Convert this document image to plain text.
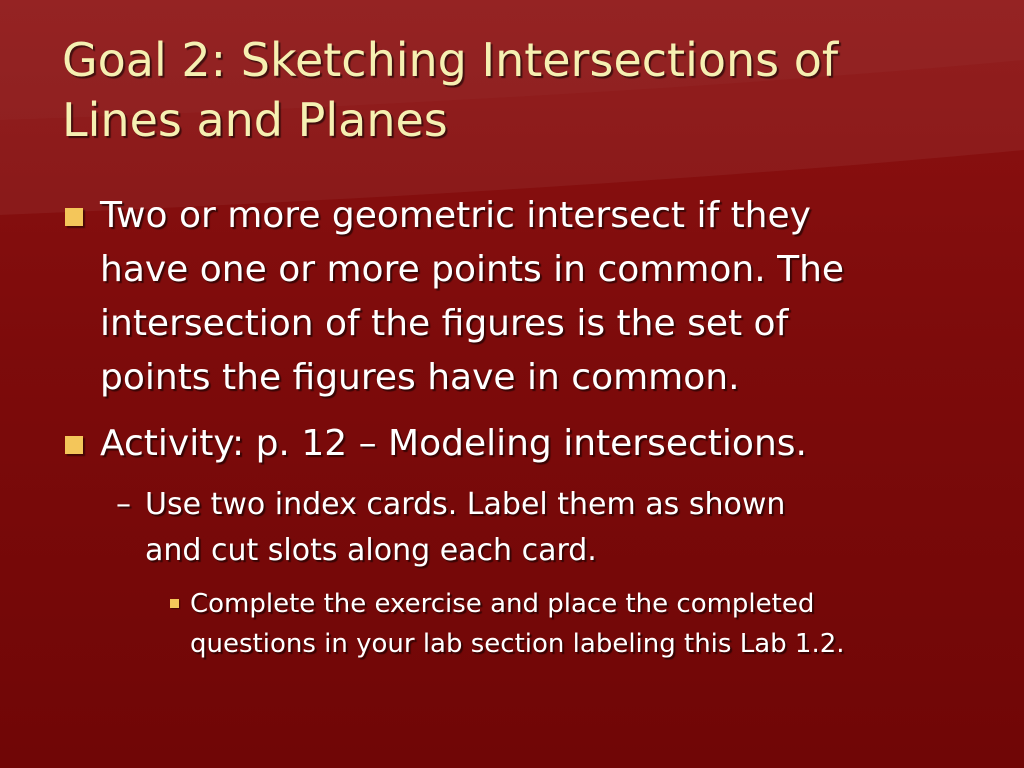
Goal 2: Sketching Intersections of
Lines and Planes
Two or more geometric intersect if they
have one or more points in common. The
intersection of the figures is the set of
points the figures have in common.
Activity: p. 12 – Modeling intersections.
– Use two index cards. Label them as shown
and cut slots along each card.
Complete the exercise and place the completed
questions in your lab section labeling this Lab 1.2.
